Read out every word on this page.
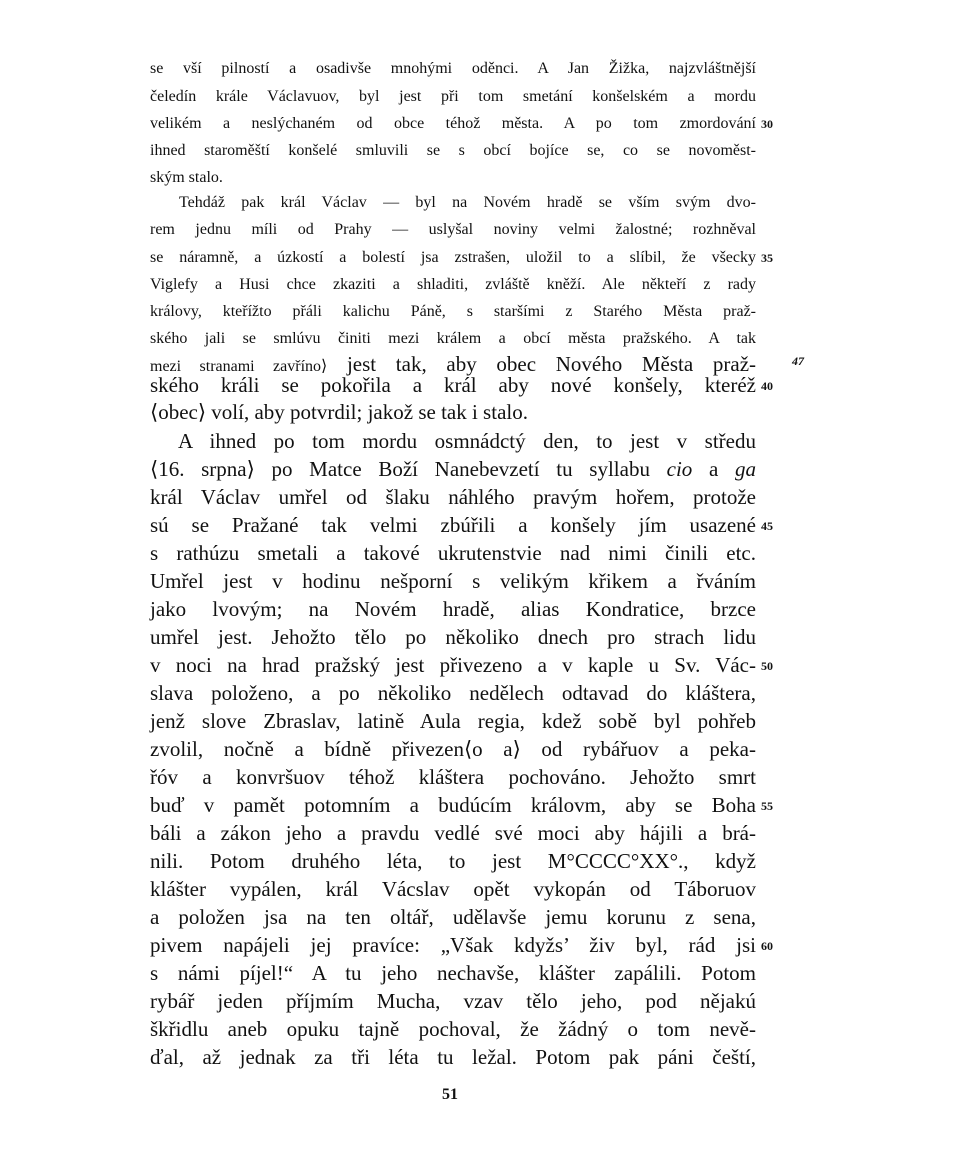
se vší pilností a osadivše mnohými oděnci. A Jan Žižka, najzvláštnější

čeledín krále Václavuov, byl jest při tom smetání konšelském a mordu

velikém a neslýchaném od obce téhož města. A po tom zmordování

ihned staroměští konšelé smluvili se s obcí bojíce se, co se novoměst-

ským stalo.

Tehdáž pak král Václav — byl na Novém hradě se vším svým dvo-

rem jednu míli od Prahy — uslyšal noviny velmi žalostné; rozhněval

se náramně, a úzkostí a bolestí jsa zstrašen, uložil to a slíbil, že všecky

Viglefy a Husi chce zkaziti a shladiti, zvláště kněží. Ale někteří z rady

královy, kteřížto přáli kalichu Páně, s staršími z Starého Města praž-

ského jali se smlúvu činiti mezi králem a obcí města pražského. A tak

mezi stranami zavříno⟩ jest tak, aby obec Nového Města praž-

ského králi se pokořila a král aby nové konšely, kteréž

⟨obec⟩ volí, aby potvrdil; jakož se tak i stalo.

A ihned po tom mordu osmnádctý den, to jest v středu

⟨16. srpna⟩ po Matce Boží Nanebevzetí tu syllabu cio a ga

král Václav umřel od šlaku náhlého pravým hořem, protože

sú se Pražané tak velmi zbúřili a konšely jím usazené

s rathúzu smetali a takové ukrutenstvie nad nimi činili etc.

Umřel jest v hodinu nešporní s velikým křikem a řváním

jako lvovým; na Novém hradě, alias Kondratice, brzce

umřel jest. Jehožto tělo po několiko dnech pro strach lidu

v noci na hrad pražský jest přivezeno a v kaple u Sv. Vác-

slava položeno, a po několiko nedělech odtavad do kláštera,

jenž slove Zbraslav, latině Aula regia, kdež sobě byl pohřeb

zvolil, nočně a bídně přivezen⟨o a⟩ od rybářuov a peka-

řóv a konvršuov téhož kláštera pochováno. Jehožto smrt

buď v pamět potomním a budúcím královm, aby se Boha

báli a zákon jeho a pravdu vedlé své moci aby hájili a brá-

nili. Potom druhého léta, to jest M°CCCC°XX°., když

klášter vypálen, král Vácslav opět vykopán od Táboruov

a položen jsa na ten oltář, udělavše jemu korunu z sena,

pivem napájeli jej pravíce: „Však kdyžs’ živ byl, rád jsi

s námi píjel!“ A tu jeho nechavše, klášter zapálili. Potom

rybář jeden příjmím Mucha, vzav tělo jeho, pod nějakú

škřidlu aneb opuku tajně pochoval, že žádný o tom nevě-

ďal, až jednak za tři léta tu ležal. Potom pak páni čeští,

30
35
40
45
50
55
60
47
51
